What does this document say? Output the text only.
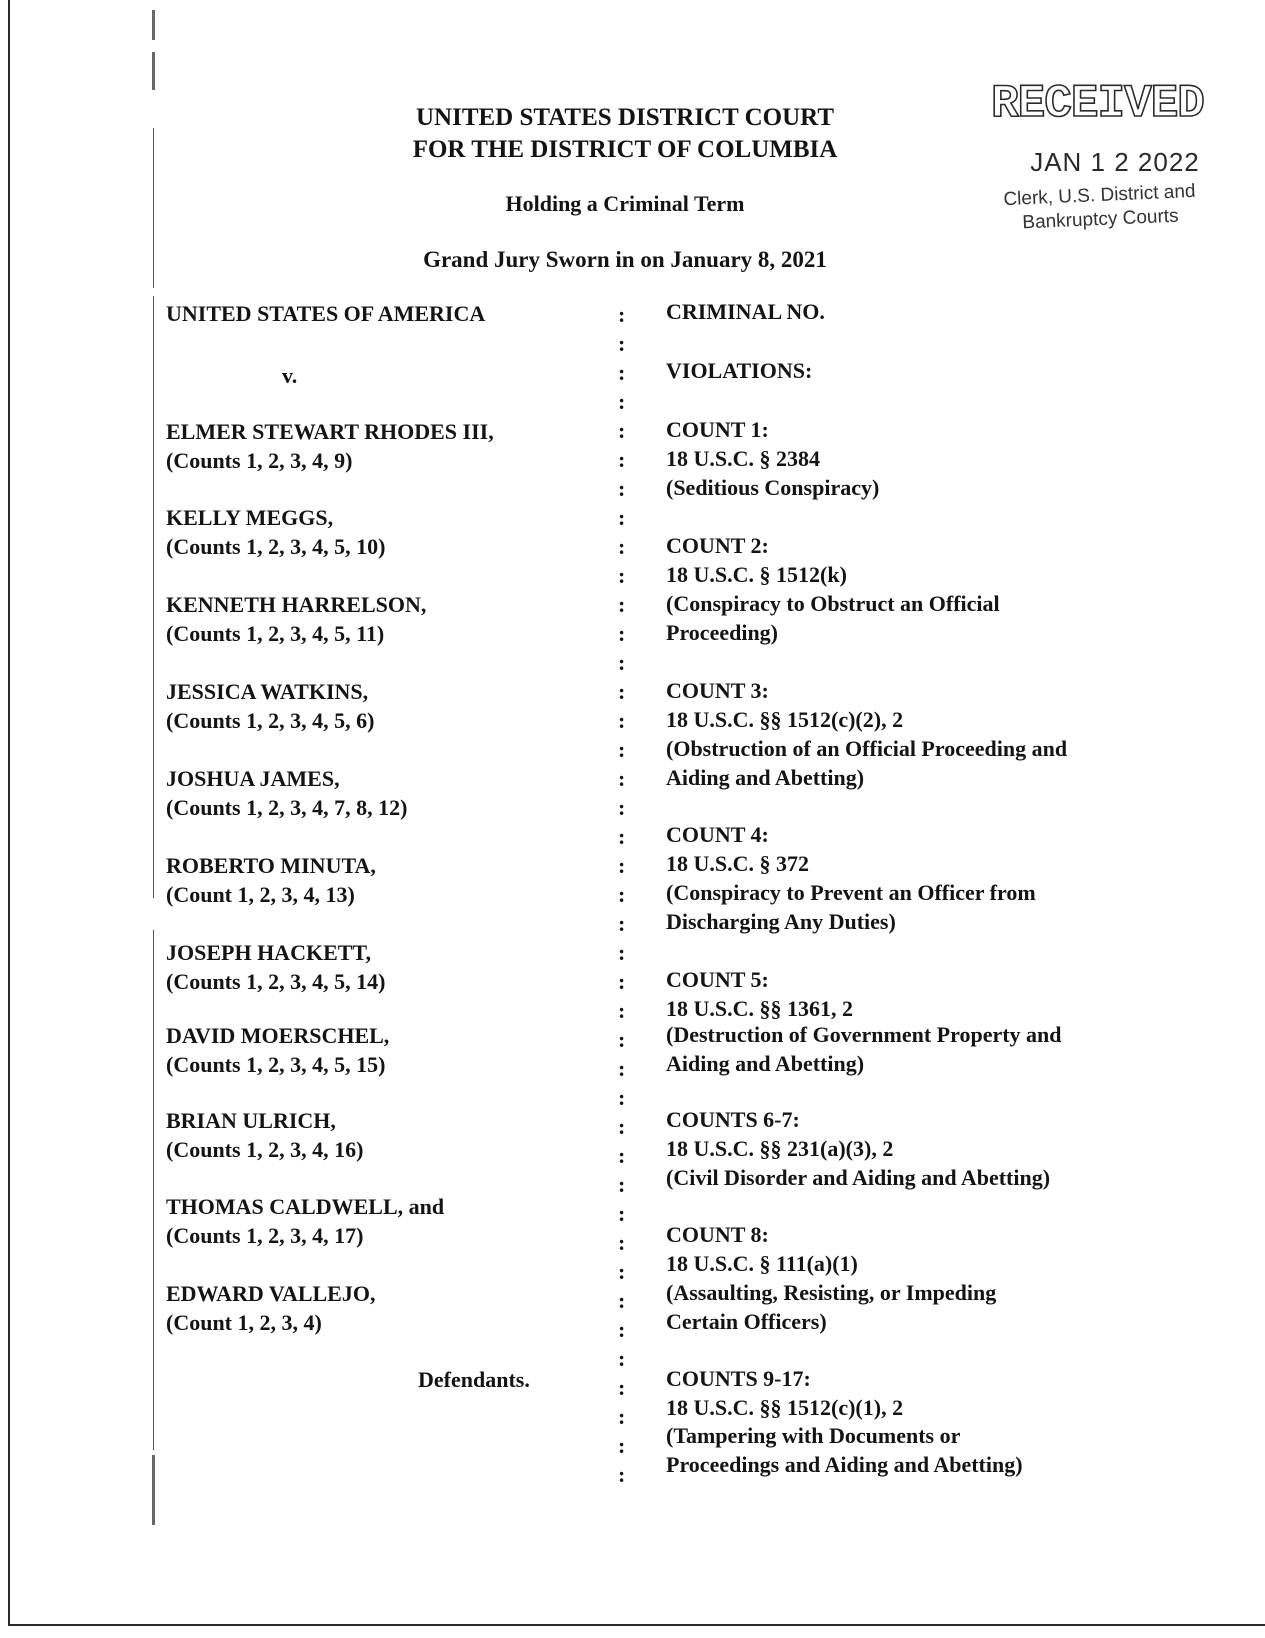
UNITED STATES DISTRICT COURT
FOR THE DISTRICT OF COLUMBIA
Holding a Criminal Term
Grand Jury Sworn in on January 8, 2021
RECEIVED
JAN 1 2 2022
Clerk, U.S. District and
Bankruptcy Courts
UNITED STATES OF AMERICA
v.
ELMER STEWART RHODES III,
(Counts 1, 2, 3, 4, 9)
KELLY MEGGS,
(Counts 1, 2, 3, 4, 5, 10)
KENNETH HARRELSON,
(Counts 1, 2, 3, 4, 5, 11)
JESSICA WATKINS,
(Counts 1, 2, 3, 4, 5, 6)
JOSHUA JAMES,
(Counts 1, 2, 3, 4, 7, 8, 12)
ROBERTO MINUTA,
(Count 1, 2, 3, 4, 13)
JOSEPH HACKETT,
(Counts 1, 2, 3, 4, 5, 14)
DAVID MOERSCHEL,
(Counts 1, 2, 3, 4, 5, 15)
BRIAN ULRICH,
(Counts 1, 2, 3, 4, 16)
THOMAS CALDWELL, and
(Counts 1, 2, 3, 4, 17)
EDWARD VALLEJO,
(Count 1, 2, 3, 4)
Defendants.
:
:
:
:
:
:
:
:
:
:
:
:
:
:
:
:
:
:
:
:
:
:
:
:
:
:
:
:
:
:
:
:
:
:
:
:
:
:
:
:
:
CRIMINAL NO.
VIOLATIONS:
COUNT 1:
18 U.S.C. § 2384
(Seditious Conspiracy)
COUNT 2:
18 U.S.C. § 1512(k)
(Conspiracy to Obstruct an Official
Proceeding)
COUNT 3:
18 U.S.C. §§ 1512(c)(2), 2
(Obstruction of an Official Proceeding and
Aiding and Abetting)
COUNT 4:
18 U.S.C. § 372
(Conspiracy to Prevent an Officer from
Discharging Any Duties)
COUNT 5:
18 U.S.C. §§ 1361, 2
(Destruction of Government Property and
Aiding and Abetting)
COUNTS 6-7:
18 U.S.C. §§ 231(a)(3), 2
(Civil Disorder and Aiding and Abetting)
COUNT 8:
18 U.S.C. § 111(a)(1)
(Assaulting, Resisting, or Impeding
Certain Officers)
COUNTS 9-17:
18 U.S.C. §§ 1512(c)(1), 2
(Tampering with Documents or
Proceedings and Aiding and Abetting)
